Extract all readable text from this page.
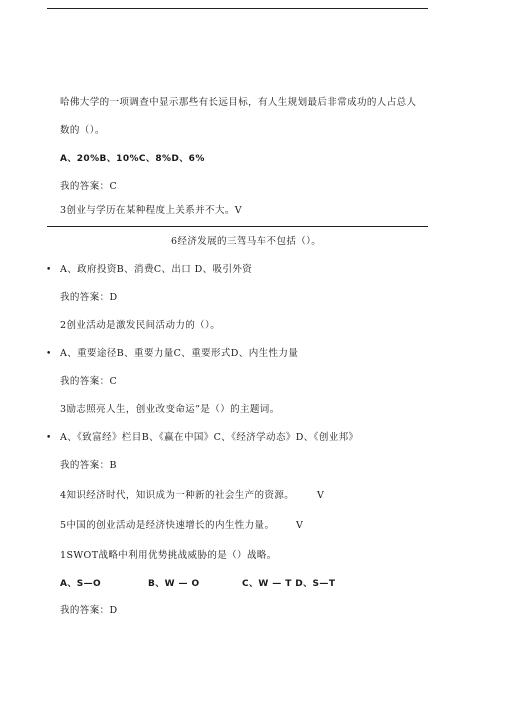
哈佛大学的一项调查中显示那些有长远目标，有人生规划最后非常成功的人占总人
数的（）。
A、20%B、10%C、8%D、6%
我的答案：C
3创业与学历在某种程度上关系并不大。V
6经济发展的三驾马车不包括（）。
• A、政府投资B、消费C、出口 D、吸引外资
我的答案：D
2创业活动是激发民间活动力的（）。
• A、重要途径B、重要力量C、重要形式D、内生性力量
我的答案：C
3励志照亮人生，创业改变命运”是（）的主题词。
• A、《致富经》栏目B、《赢在中国》C、《经济学动态》D、《创业邦》
我的答案：B
4知识经济时代，知识成为一种新的社会生产的资源。 V
5中国的创业活动是经济快速增长的内生性力量。 V
1SWOT战略中利用优势挑战威胁的是（）战略。
A、S—O	B、W — O	C、W — T D、S—T
我的答案：D
